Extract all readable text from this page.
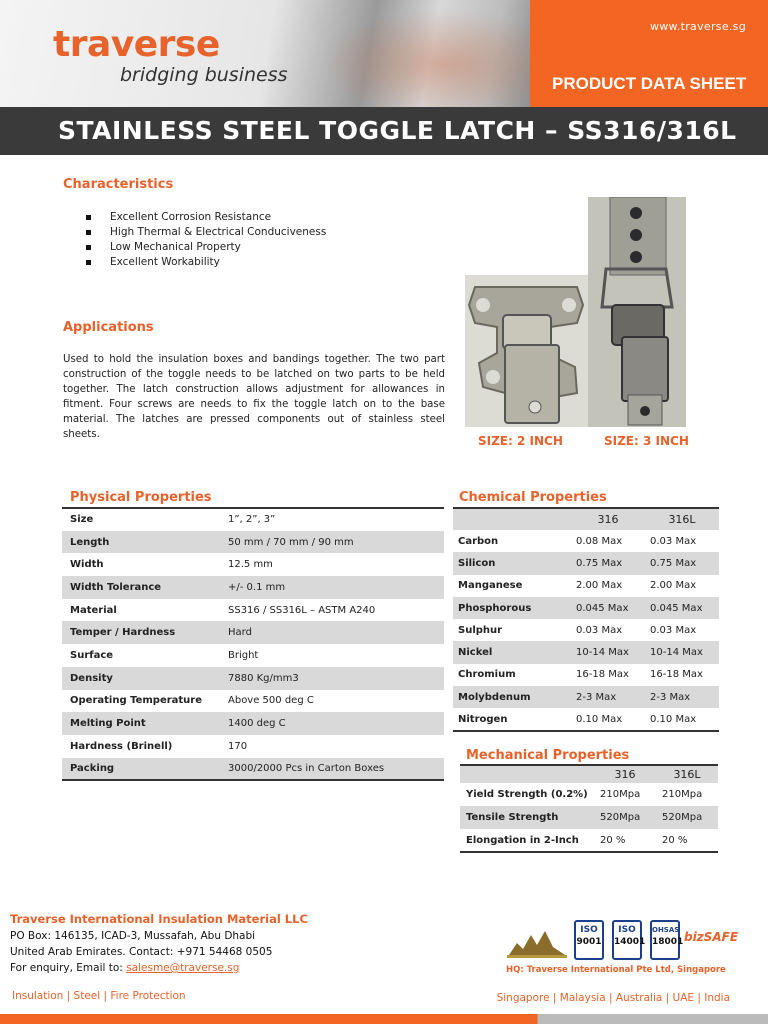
traverse
bridging business
www.traverse.sg
PRODUCT DATA SHEET
STAINLESS STEEL TOGGLE LATCH – SS316/316L
Characteristics
Excellent Corrosion Resistance
High Thermal & Electrical Conduciveness
Low Mechanical Property
Excellent Workability
Applications
Used to hold the insulation boxes and bandings together. The two part construction of the toggle needs to be latched on two parts to be held together. The latch construction allows adjustment for allowances in fitment. Four screws are needs to fix the toggle latch on to the base material. The latches are pressed components out of stainless steel sheets.	SIZE: 2 INCH	SIZE: 3 INCH
Physical Properties
Size	1”, 2”, 3”
Length	50 mm / 70 mm / 90 mm
Width	12.5 mm
Width Tolerance	+/- 0.1 mm
Material	SS316 / SS316L – ASTM A240
Temper / Hardness	Hard
Surface	Bright
Density	7880 Kg/mm3
Operating Temperature	Above 500 deg C
Melting Point	1400 deg C
Hardness (Brinell)	170
Packing	3000/2000 Pcs in Carton Boxes
Chemical Properties
	316	316L
Carbon	0.08 Max	0.03 Max
Silicon	0.75 Max	0.75 Max
Manganese	2.00 Max	2.00 Max
Phosphorous	0.045 Max	0.045 Max
Sulphur	0.03 Max	0.03 Max
Nickel	10-14 Max	10-14 Max
Chromium	16-18 Max	16-18 Max
Molybdenum	2-3 Max	2-3 Max
Nitrogen	0.10 Max	0.10 Max
Mechanical Properties
	316	316L
Yield Strength (0.2%)	210Mpa	210Mpa
Tensile Strength	520Mpa	520Mpa
Elongation in 2-Inch	20 %	20 %
Traverse International Insulation Material LLC
PO Box: 146135, ICAD-3, Mussafah, Abu Dhabi
United Arab Emirates. Contact: +971 54468 0505
For enquiry, Email to: salesme@traverse.sg
Insulation | Steel | Fire Protection
ISO
9001
ISO
14001
OHSAS
18001 bizSAFE
HQ: Traverse International Pte Ltd, Singapore
Singapore | Malaysia | Australia | UAE | India
